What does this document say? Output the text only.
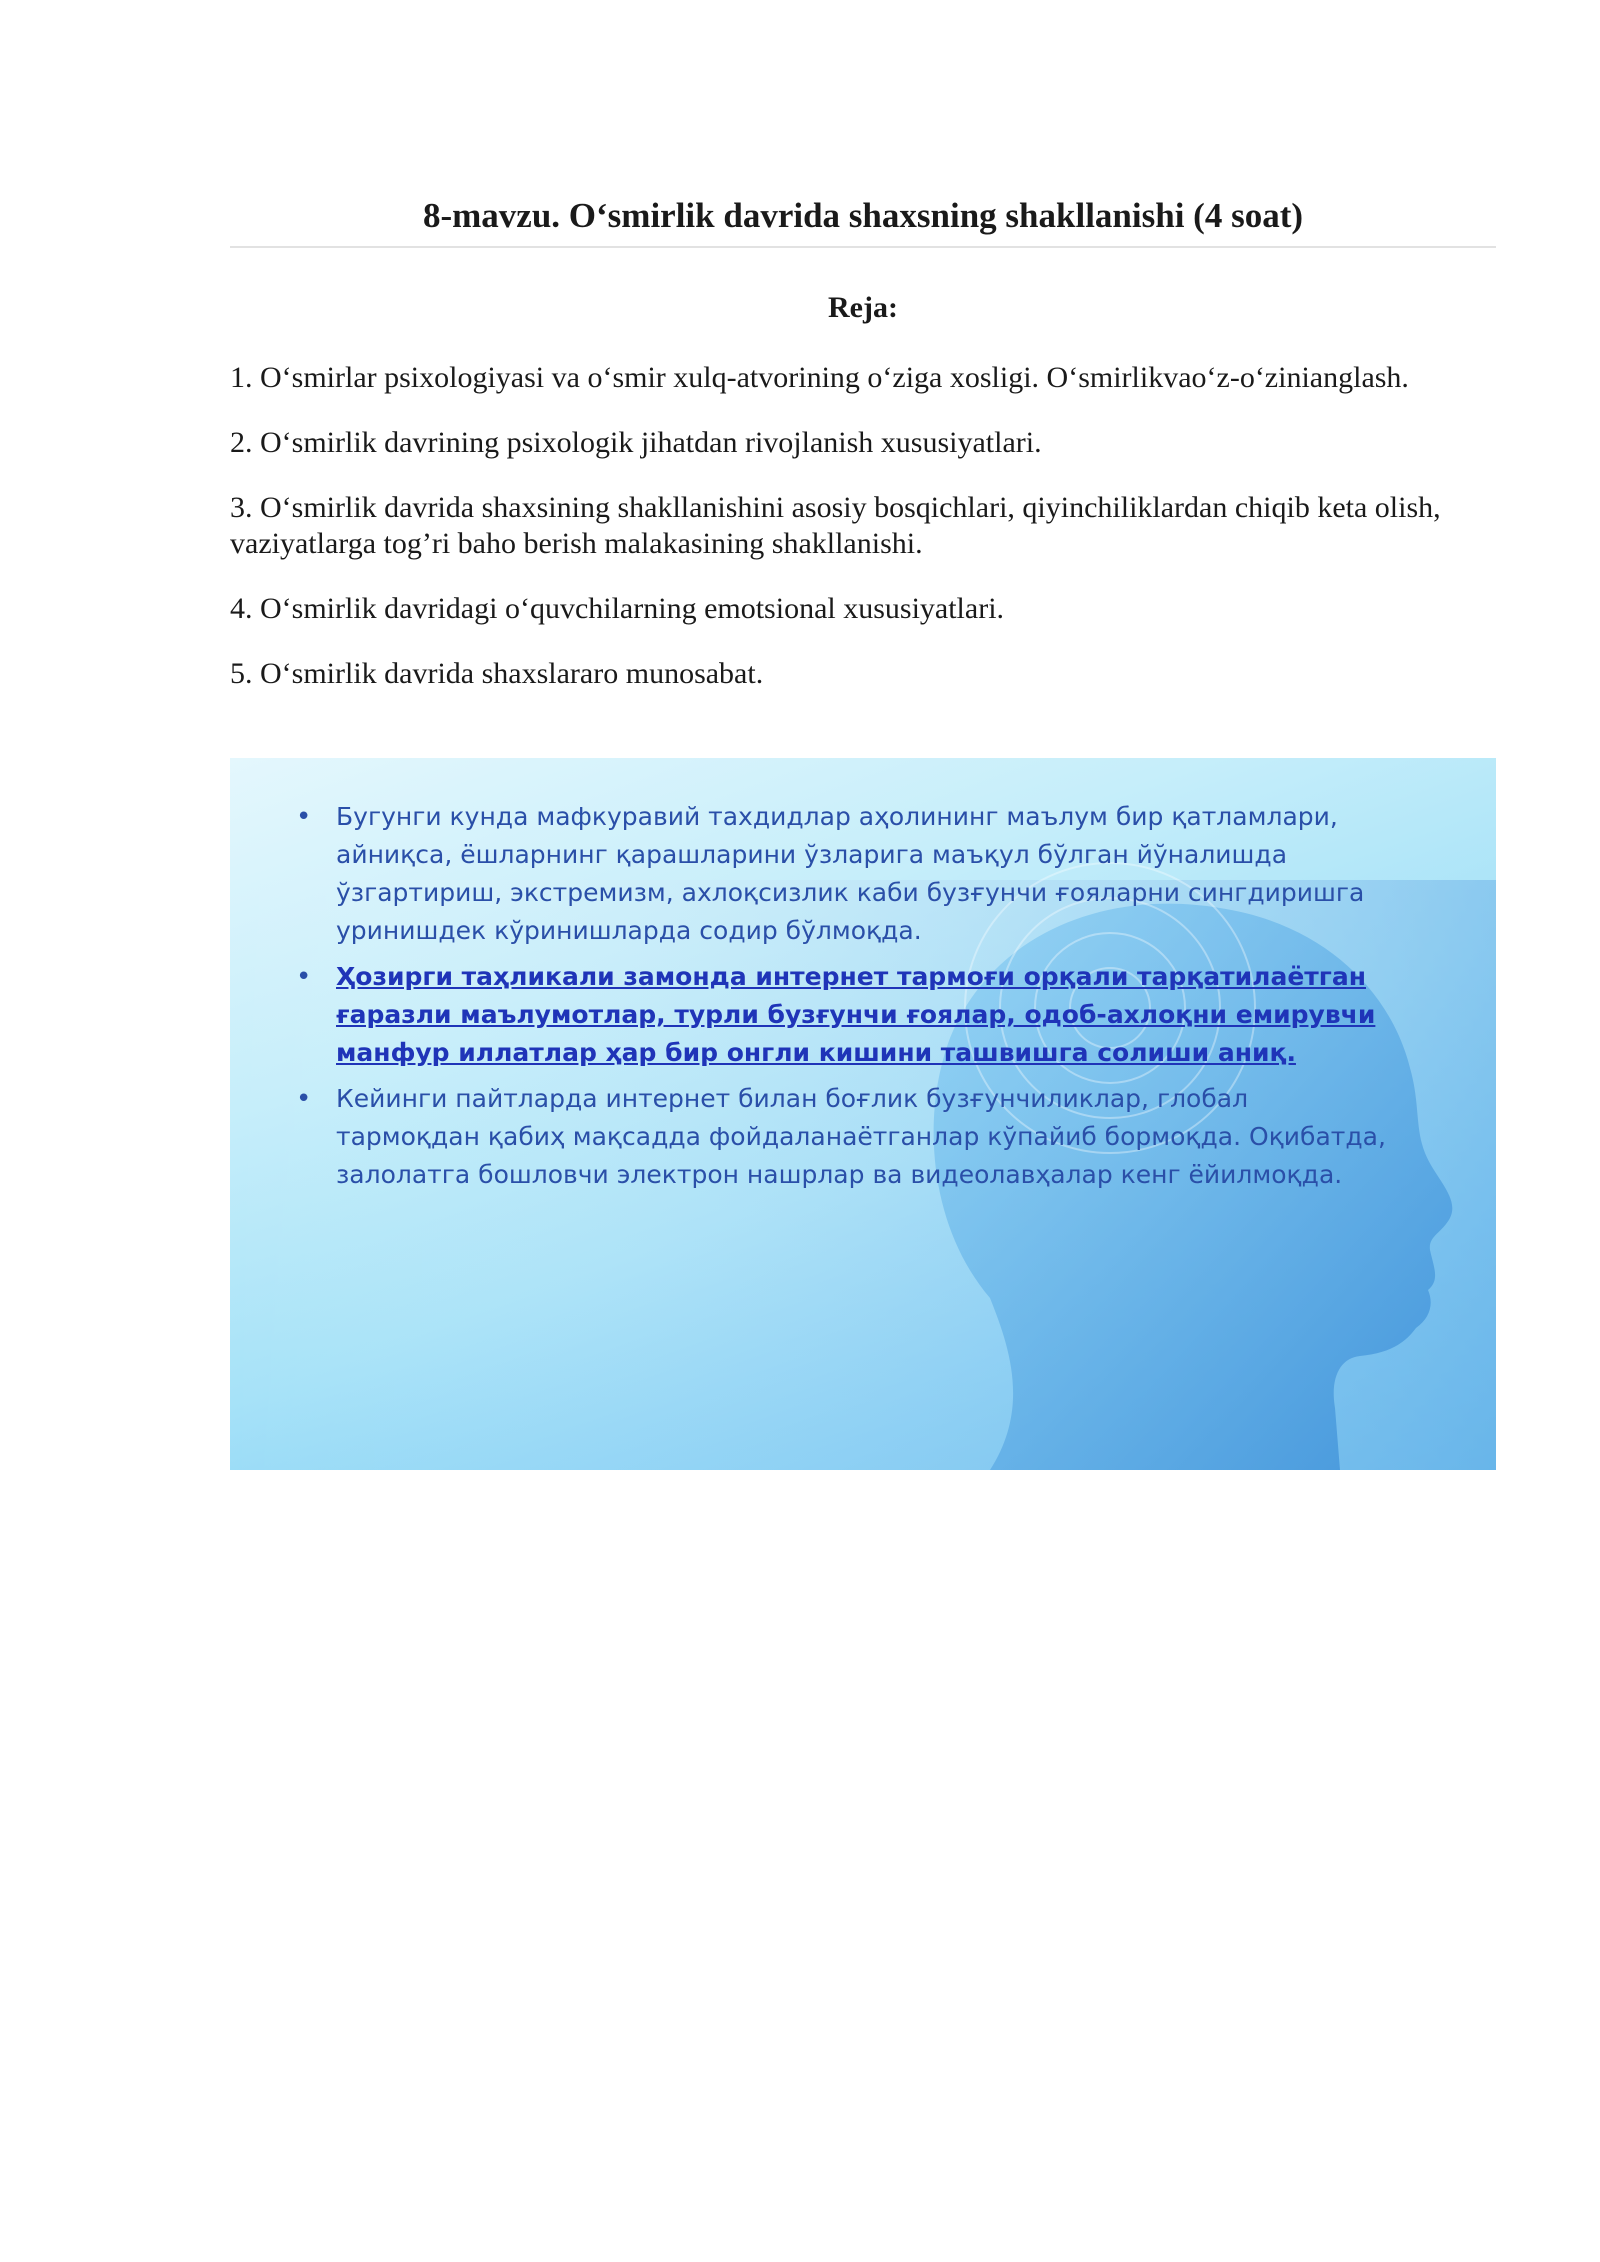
8-mavzu. O‘smirlik davrida shaxsning shakllanishi (4 soat)
Reja:

1. O‘smirlar psixologiyasi va o‘smir xulq-atvorining o‘ziga xosligi. O‘smirlikvao‘z-o‘zinianglash.

2. O‘smirlik davrining psixologik jihatdan rivojlanish xususiyatlari.

3. O‘smirlik davrida shaxsining shakllanishini asosiy bosqichlari, qiyinchiliklardan chiqib keta olish, vaziyatlarga tog’ri baho berish malakasining shakllanishi.

4. O‘smirlik davridagi o‘quvchilarning emotsional xususiyatlari.

5. O‘smirlik davrida shaxslararo munosabat.

• Бугунги кунда мафкуравий тахдидлар аҳолининг маълум бир қатламлари, айниқса, ёшларнинг қарашларини ўзларига маъқул бўлган йўналишда ўзгартириш, экстремизм, ахлоқсизлик каби бузғунчи ғояларни сингдиришга уринишдек кўринишларда содир бўлмоқда.
• Ҳозирги таҳликали замонда интернет тармоғи орқали тарқатилаётган ғаразли маълумотлар, турли бузғунчи ғоялар, одоб-ахлоқни емирувчи манфур иллатлар ҳар бир онгли кишини ташвишга солиши аниқ.
• Кейинги пайтларда интернет билан боғлик бузғунчиликлар, глобал тармоқдан қабиҳ мақсадда фойдаланаётганлар кўпайиб бормоқда. Оқибатда, залолатга бошловчи электрон нашрлар ва видеолавҳалар кенг ёйилмоқда.
